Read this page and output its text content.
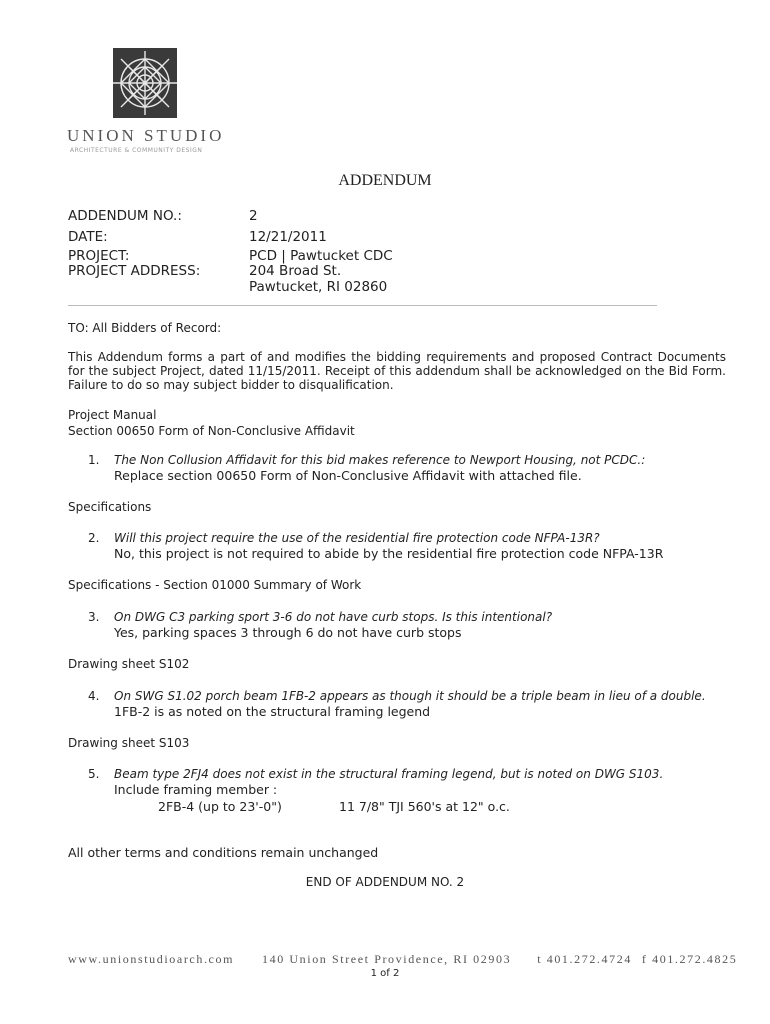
UNION STUDIO
ARCHITECTURE & COMMUNITY DESIGN
ADDENDUM
ADDENDUM NO.:	2
DATE:	12/21/2011
PROJECT:	PCD | Pawtucket CDC
PROJECT ADDRESS:	204 Broad St.
Pawtucket, RI 02860
TO: All Bidders of Record:
This Addendum forms a part of and modifies the bidding requirements and proposed Contract Documents for the subject Project, dated 11/15/2011. Receipt of this addendum shall be acknowledged on the Bid Form. Failure to do so may subject bidder to disqualification.
Project Manual
Section 00650 Form of Non-Conclusive Affidavit
1. The Non Collusion Affidavit for this bid makes reference to Newport Housing, not PCDC.:
Replace section 00650 Form of Non-Conclusive Affidavit with attached file.
Specifications
2. Will this project require the use of the residential fire protection code NFPA-13R?
No, this project is not required to abide by the residential fire protection code NFPA-13R
Specifications - Section 01000 Summary of Work
3. On DWG C3 parking sport 3-6 do not have curb stops. Is this intentional?
Yes, parking spaces 3 through 6 do not have curb stops
Drawing sheet S102
4. On SWG S1.02 porch beam 1FB-2 appears as though it should be a triple beam in lieu of a double.
1FB-2 is as noted on the structural framing legend
Drawing sheet S103
5. Beam type 2FJ4 does not exist in the structural framing legend, but is noted on DWG S103.
Include framing member :
2FB-4 (up to 23'-0")	11 7/8" TJI 560's at 12" o.c.
All other terms and conditions remain unchanged
END OF ADDENDUM NO. 2
www.unionstudioarch.com 140 Union Street Providence, RI 02903 t 401.272.4724 f 401.272.4825
1 of 2
